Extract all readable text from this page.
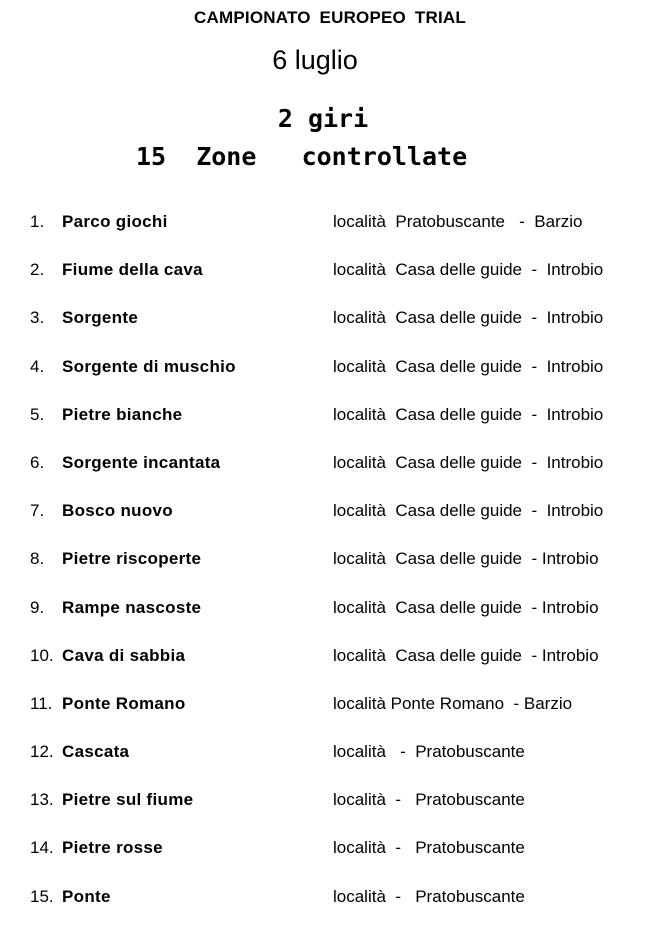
CAMPIONATO EUROPEO TRIAL
6 luglio
2 giri
15  Zone   controllate
1.	Parco giochi	località  Pratobuscante   -  Barzio
2.	Fiume della cava	località  Casa delle guide  -  Introbio
3.	Sorgente	località  Casa delle guide  -  Introbio
4.	Sorgente di muschio	località  Casa delle guide  -  Introbio
5.	Pietre bianche	località  Casa delle guide  -  Introbio
6.	Sorgente incantata	località  Casa delle guide  -  Introbio
7.	Bosco nuovo	località  Casa delle guide  -  Introbio
8.	Pietre riscoperte	località  Casa delle guide  - Introbio
9.	Rampe nascoste	località  Casa delle guide  - Introbio
10. Cava di sabbia	località  Casa delle guide  - Introbio
11. Ponte Romano	località Ponte Romano  - Barzio
12. Cascata	località   -  Pratobuscante
13. Pietre sul fiume	località  -   Pratobuscante
14. Pietre rosse	località  -   Pratobuscante
15. Ponte	località  -   Pratobuscante
